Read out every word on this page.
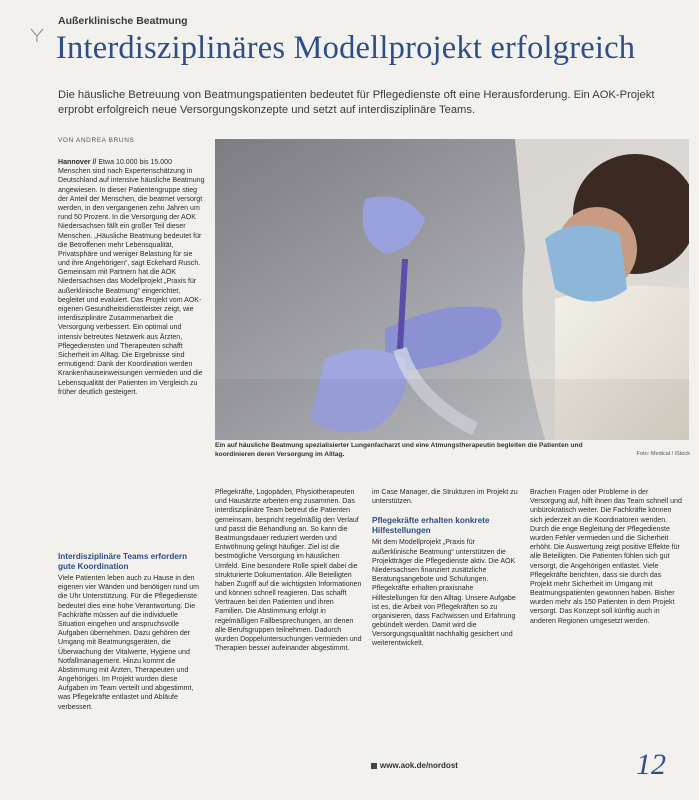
Außerklinische Beatmung
Interdisziplinäres Modellprojekt erfolgreich
Die häusliche Betreuung von Beatmungspatienten bedeutet für Pflegedienste oft eine Herausforderung. Ein AOK-Projekt erprobt erfolgreich neue Versorgungskonzepte und setzt auf interdisziplinäre Teams.
VON ANDREA BRUNS

Hannover // Etwa 10.000 bis 15.000 Menschen sind nach Expertenschätzung in Deutschland auf intensive häusliche Beatmung angewiesen. In dieser Patientengruppe stieg der Anteil der Menschen, die beatmet versorgt werden, in den vergangenen zehn Jahren um rund 50 Prozent. In die Versorgung der AOK Niedersachsen fällt ein großer Teil dieser Menschen. „Häusliche Beatmung bedeutet für die Betroffenen mehr Lebensqualität, Privatsphäre und weniger Belastung für sie und ihre Angehörigen“, sagt Eckehard Rusch. Gemeinsam mit Partnern hat die AOK Niedersachsen das Modellprojekt „Praxis für außerklinische Beatmung“ eingerichtet, begleitet und evaluiert. Das Projekt vom AOK-eigenen Gesundheitsdienstleister zeigt, wie interdisziplinäre Zusammenarbeit die Versorgung verbessert. Ein optimal und intensiv betreutes Netzwerk aus Ärzten, Pflegediensten und Therapeuten schafft Sicherheit im Alltag. Die Ergebnisse sind ermutigend: Dank der Koordination werden Krankenhauseinweisungen vermieden und die Lebensqualität der Patienten im Vergleich zu früher deutlich gesteigert.

Ein auf häusliche Beatmung spezialisierter Lungenfacharzt und eine Atmungstherapeutin begleiten die Patienten und koordinieren deren Versorgung im Alltag.	Foto: Medical / iStock
Interdisziplinäre Teams erfordern gute Koordination

Viele Patienten leben auch zu Hause in den eigenen vier Wänden und benötigen rund um die Uhr Unterstützung. Für die Pflegedienste bedeutet dies eine hohe Verantwortung. Die Fachkräfte müssen auf die individuelle Situation eingehen und anspruchsvolle Aufgaben übernehmen. Dazu gehören der Umgang mit Beatmungsgeräten, die Überwachung der Vitalwerte, Hygiene und Notfallmanagement. Hinzu kommt die Abstimmung mit Ärzten, Therapeuten und Angehörigen. Im Projekt wurden diese Aufgaben im Team verteilt und abgestimmt, was Pflegekräfte entlastet und Abläufe verbessert.

Pflegekräfte, Logopäden, Physiotherapeuten und Hausärzte arbeiten eng zusammen. Das interdisziplinäre Team betreut die Patienten gemeinsam, bespricht regelmäßig den Verlauf und passt die Behandlung an. So kann die Beatmungsdauer reduziert werden und Entwöhnung gelingt häufiger. Ziel ist die bestmögliche Versorgung im häuslichen Umfeld. Eine besondere Rolle spielt dabei die strukturierte Dokumentation. Alle Beteiligten haben Zugriff auf die wichtigsten Informationen und können schnell reagieren. Das schafft Vertrauen bei den Patienten und ihren Familien. Die Abstimmung erfolgt in regelmäßigen Fallbesprechungen, an denen alle Berufsgruppen teilnehmen. Dadurch wurden Doppeluntersuchungen vermieden und Therapien besser aufeinander abgestimmt.

im Case Manager, die Strukturen im Projekt zu unterstützen.

Pflegekräfte erhalten konkrete Hilfestellungen

Mit dem Modellprojekt „Praxis für außerklinische Beatmung“ unterstützen die Projektträger die Pflegedienste aktiv. Die AOK Niedersachsen finanziert zusätzliche Beratungsangebote und Schulungen. Pflegekräfte erhalten praxisnahe Hilfestellungen für den Alltag. Unsere Aufgabe ist es, die Arbeit von Pflegekräften so zu organisieren, dass Fachwissen und Erfahrung gebündelt werden. Damit wird die Versorgungsqualität nachhaltig gesichert und weiterentwickelt.

Brachen Fragen oder Probleme in der Versorgung auf, hilft ihnen das Team schnell und unbürokratisch weiter. Die Fachkräfte können sich jederzeit an die Koordinatoren wenden. Durch die enge Begleitung der Pflegedienste wurden Fehler vermieden und die Sicherheit erhöht. Die Auswertung zeigt positive Effekte für alle Beteiligten. Die Patienten fühlen sich gut versorgt, die Angehörigen entlastet. Viele Pflegekräfte berichten, dass sie durch das Projekt mehr Sicherheit im Umgang mit Beatmungspatienten gewonnen haben. Bisher wurden mehr als 150 Patienten in dem Projekt versorgt. Das Konzept soll künftig auch in anderen Regionen umgesetzt werden.

www.aok.de/nordost	12
